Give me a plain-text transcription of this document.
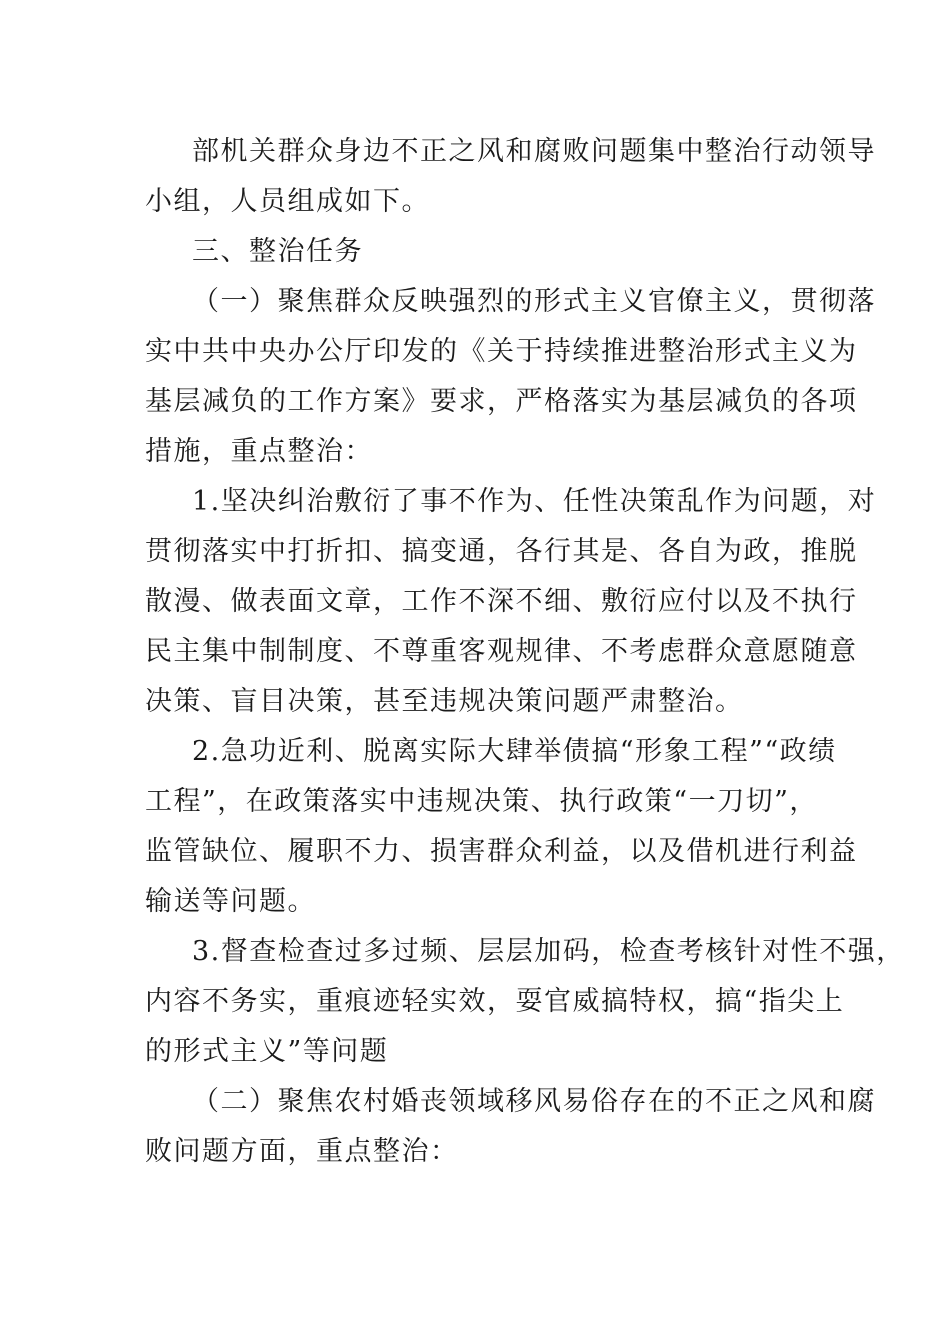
部机关群众身边不正之风和腐败问题集中整治行动领导
小组，人员组成如下。
三、整治任务
（一）聚焦群众反映强烈的形式主义官僚主义，贯彻落
实中共中央办公厅印发的《关于持续推进整治形式主义为
基层减负的工作方案》要求，严格落实为基层减负的各项
措施，重点整治：
1.坚决纠治敷衍了事不作为、任性决策乱作为问题，对
贯彻落实中打折扣、搞变通，各行其是、各自为政，推脱
散漫、做表面文章，工作不深不细、敷衍应付以及不执行
民主集中制制度、不尊重客观规律、不考虑群众意愿随意
决策、盲目决策，甚至违规决策问题严肃整治。
2.急功近利、脱离实际大肆举债搞“形象工程”“政绩
工程”，在政策落实中违规决策、执行政策“一刀切”，
监管缺位、履职不力、损害群众利益，以及借机进行利益
输送等问题。
3.督查检查过多过频、层层加码，检查考核针对性不强，
内容不务实，重痕迹轻实效，耍官威搞特权，搞“指尖上
的形式主义”等问题
（二）聚焦农村婚丧领域移风易俗存在的不正之风和腐
败问题方面，重点整治：
